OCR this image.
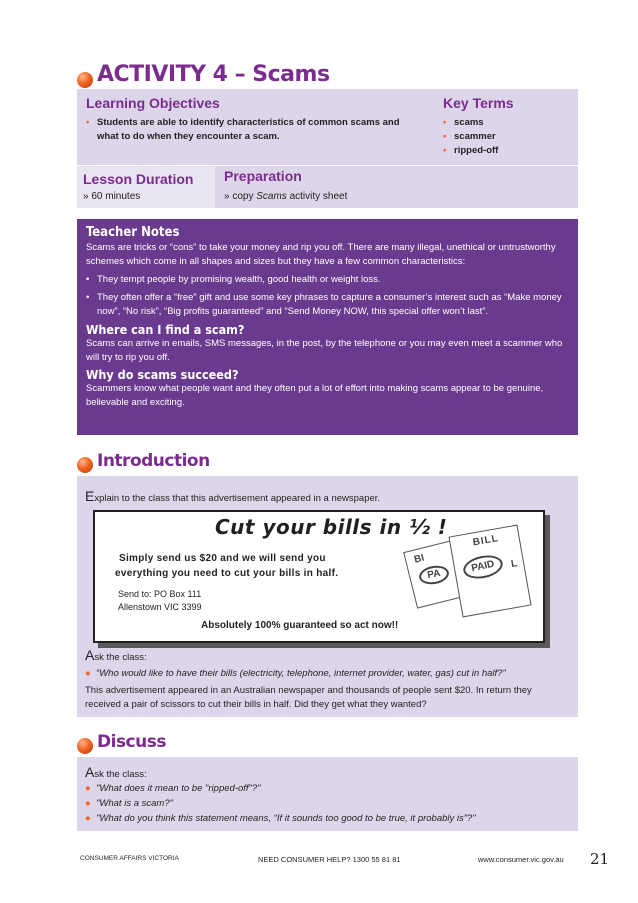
ACTIVITY 4 – Scams
Learning Objectives
• Students are able to identify characteristics of common scams and what to do when they encounter a scam.
Key Terms
• scams
• scammer
• ripped-off
Lesson Duration
» 60 minutes
Preparation
» copy Scams activity sheet
Teacher Notes
Scams are tricks or “cons” to take your money and rip you off. There are many illegal, unethical or untrustworthy schemes which come in all shapes and sizes but they have a few common characteristics:
• They tempt people by promising wealth, good health or weight loss.
• They often offer a “free” gift and use some key phrases to capture a consumer’s interest such as “Make money now”, “No risk”, “Big profits guaranteed” and “Send Money NOW, this special offer won’t last”.
Where can I find a scam?
Scams can arrive in emails, SMS messages, in the post, by the telephone or you may even meet a scammer who will try to rip you off.
Why do scams succeed?
Scammers know what people want and they often put a lot of effort into making scams appear to be genuine, believable and exciting.
Introduction
Explain to the class that this advertisement appeared in a newspaper.
Cut your bills in ½ !
Simply send us $20 and we will send you
everything you need to cut your bills in half.
Send to: PO Box 111
Allenstown VIC 3399
Absolutely 100% guaranteed so act now!!
BI
BILL
L
PA
PAID
Ask the class:
● “Who would like to have their bills (electricity, telephone, internet provider, water, gas) cut in half?”
This advertisement appeared in an Australian newspaper and thousands of people sent $20. In return they received a pair of scissors to cut their bills in half. Did they get what they wanted?
Discuss
Ask the class:
● "What does it mean to be "ripped-off"?"
● "What is a scam?"
● "What do you think this statement means, “If it sounds too good to be true, it probably is”?"
CONSUMER AFFAIRS VICTORIA	NEED CONSUMER HELP? 1300 55 81 81	www.consumer.vic.gov.au 21
